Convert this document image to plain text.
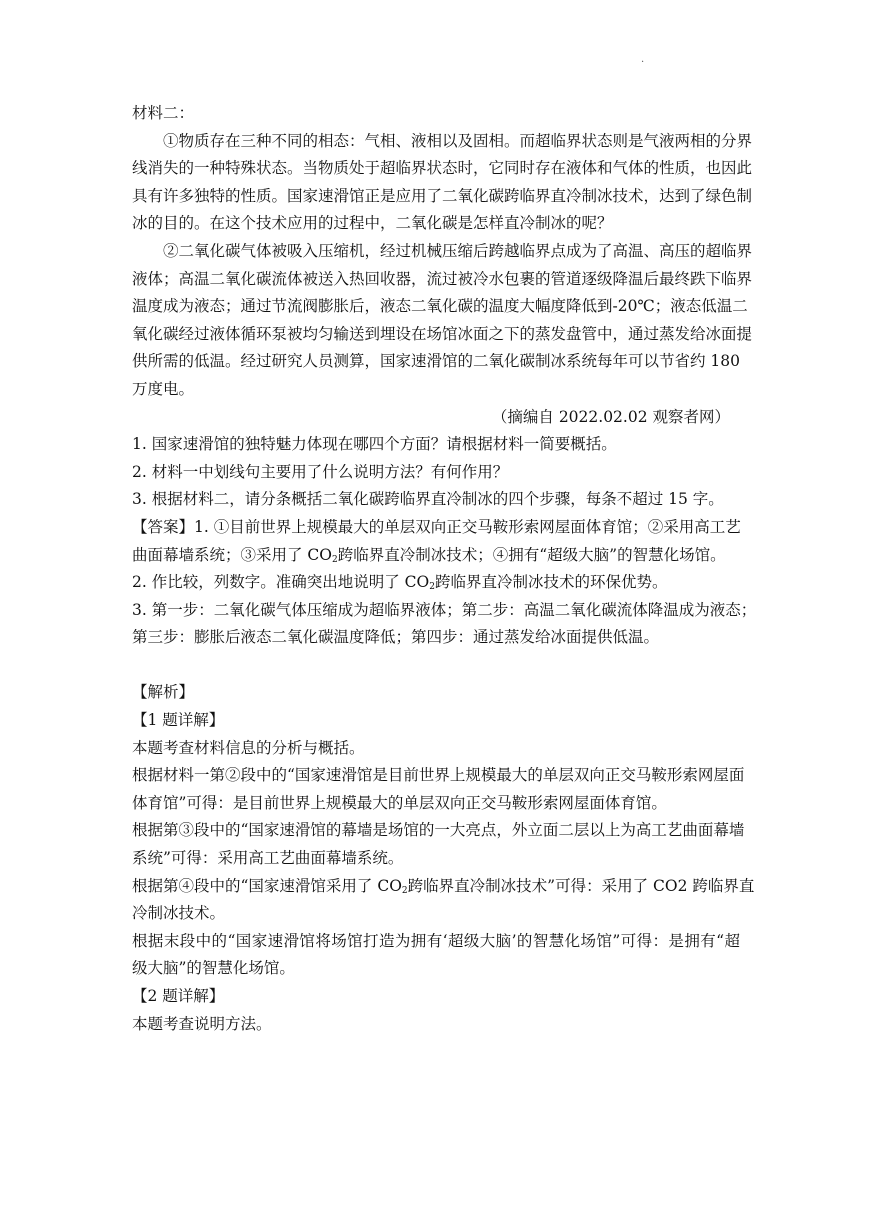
.
材料二：
①物质存在三种不同的相态：气相、液相以及固相。而超临界状态则是气液两相的分界
线消失的一种特殊状态。当物质处于超临界状态时，它同时存在液体和气体的性质，也因此
具有许多独特的性质。国家速滑馆正是应用了二氧化碳跨临界直冷制冰技术，达到了绿色制
冰的目的。在这个技术应用的过程中，二氧化碳是怎样直冷制冰的呢？
②二氧化碳气体被吸入压缩机，经过机械压缩后跨越临界点成为了高温、高压的超临界
液体；高温二氧化碳流体被送入热回收器，流过被冷水包裹的管道逐级降温后最终跌下临界
温度成为液态；通过节流阀膨胀后，液态二氧化碳的温度大幅度降低到-20℃；液态低温二
氧化碳经过液体循环泵被均匀输送到埋设在场馆冰面之下的蒸发盘管中，通过蒸发给冰面提
供所需的低温。经过研究人员测算，国家速滑馆的二氧化碳制冰系统每年可以节省约 180
万度电。
（摘编自 2022.02.02 观察者网）
1. 国家速滑馆的独特魅力体现在哪四个方面？请根据材料一简要概括。
2. 材料一中划线句主要用了什么说明方法？有何作用？
3. 根据材料二，请分条概括二氧化碳跨临界直冷制冰的四个步骤，每条不超过 15 字。
【答案】1. ①目前世界上规模最大的单层双向正交马鞍形索网屋面体育馆；②采用高工艺
曲面幕墙系统；③采用了 $CO_2$跨临界直冷制冰技术；④拥有“超级大脑”的智慧化场馆。
2. 作比较，列数字。准确突出地说明了 $CO_2$跨临界直冷制冰技术的环保优势。
3. 第一步：二氧化碳气体压缩成为超临界液体；第二步：高温二氧化碳流体降温成为液态；
第三步：膨胀后液态二氧化碳温度降低；第四步：通过蒸发给冰面提供低温。
【解析】
【1 题详解】
本题考查材料信息的分析与概括。
根据材料一第②段中的“国家速滑馆是目前世界上规模最大的单层双向正交马鞍形索网屋面
体育馆”可得：是目前世界上规模最大的单层双向正交马鞍形索网屋面体育馆。
根据第③段中的“国家速滑馆的幕墙是场馆的一大亮点，外立面二层以上为高工艺曲面幕墙
系统”可得：采用高工艺曲面幕墙系统。
根据第④段中的“国家速滑馆采用了 $CO_2$跨临界直冷制冰技术”可得：采用了 CO2 跨临界直
冷制冰技术。
根据末段中的“国家速滑馆将场馆打造为拥有‘超级大脑’的智慧化场馆”可得：是拥有“超
级大脑”的智慧化场馆。
【2 题详解】
本题考查说明方法。
